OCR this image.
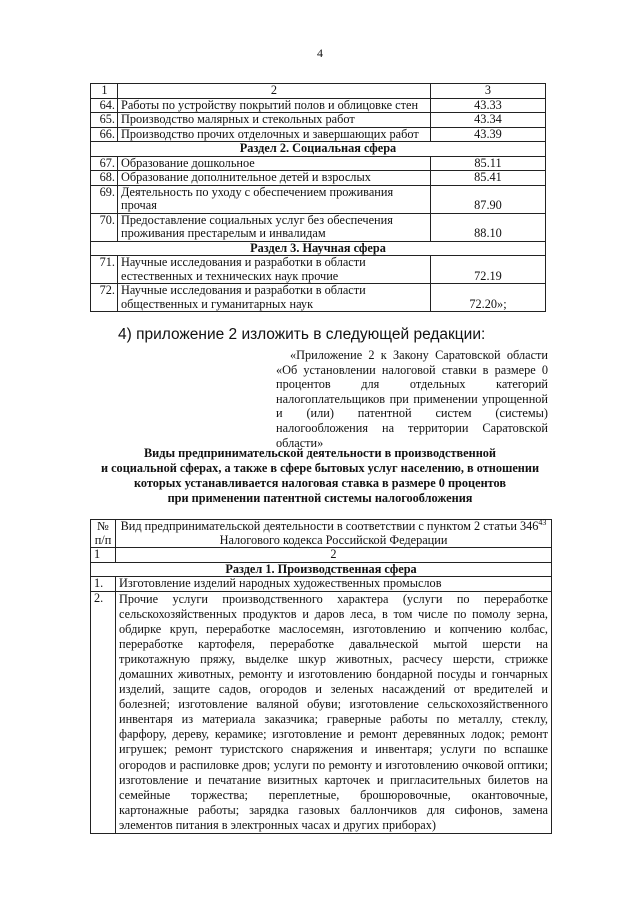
4
1	2	3
64.	Работы по устройству покрытий полов и облицовке стен	43.33
65.	Производство малярных и стекольных работ	43.34
66.	Производство прочих отделочных и завершающих работ	43.39
Раздел 2. Социальная сфера		
67.	Образование дошкольное	85.11
68.	Образование дополнительное детей и взрослых	85.41
69.	Деятельность по уходу с обеспечением проживания прочая	87.90
70.	Предоставление социальных услуг без обеспечения проживания престарелым и инвалидам	88.10
Раздел 3. Научная сфера		
71.	Научные исследования и разработки в области естественных и технических наук прочие	72.19
72.	Научные исследования и разработки в области общественных и гуманитарных наук	72.20»;
4) приложение 2 изложить в следующей редакции:
«Приложение 2 к Закону Саратовской области «Об установлении налоговой ставки в размере 0 процентов для отдельных категорий налогоплательщиков при применении упрощенной и (или) патентной систем (системы) налогообложения на территории Саратовской области»
Виды предпринимательской деятельности в производственной
и социальной сферах, а также в сфере бытовых услуг населению, в отношении
которых устанавливается налоговая ставка в размере 0 процентов
при применении патентной системы налогообложения
№ п/п	Вид предпринимательской деятельности в соответствии с пунктом 2 статьи $346^{43}$
Налогового кодекса Российской Федерации
1	2
Раздел 1. Производственная сфера	
1.	Изготовление изделий народных художественных промыслов
2.	Прочие услуги производственного характера (услуги по переработке сельскохозяйственных продуктов и даров леса, в том числе по помолу зерна, обдирке круп, переработке маслосемян, изготовлению и копчению колбас, переработке картофеля, переработке давальческой мытой шерсти на трикотажную пряжу, выделке шкур животных, расчесу шерсти, стрижке домашних животных, ремонту и изготовлению бондарной посуды и гончарных изделий, защите садов, огородов и зеленых насаждений от вредителей и болезней; изготовление валяной обуви; изготовление сельскохозяйственного инвентаря из материала заказчика; граверные работы по металлу, стеклу, фарфору, дереву, керамике; изготовление и ремонт деревянных лодок; ремонт игрушек; ремонт туристского снаряжения и инвентаря; услуги по вспашке огородов и распиловке дров; услуги по ремонту и изготовлению очковой оптики; изготовление и печатание визитных карточек и пригласительных билетов на семейные торжества; переплетные, брошюровочные, окантовочные, картонажные работы; зарядка газовых баллончиков для сифонов, замена элементов питания в электронных часах и других приборах)
